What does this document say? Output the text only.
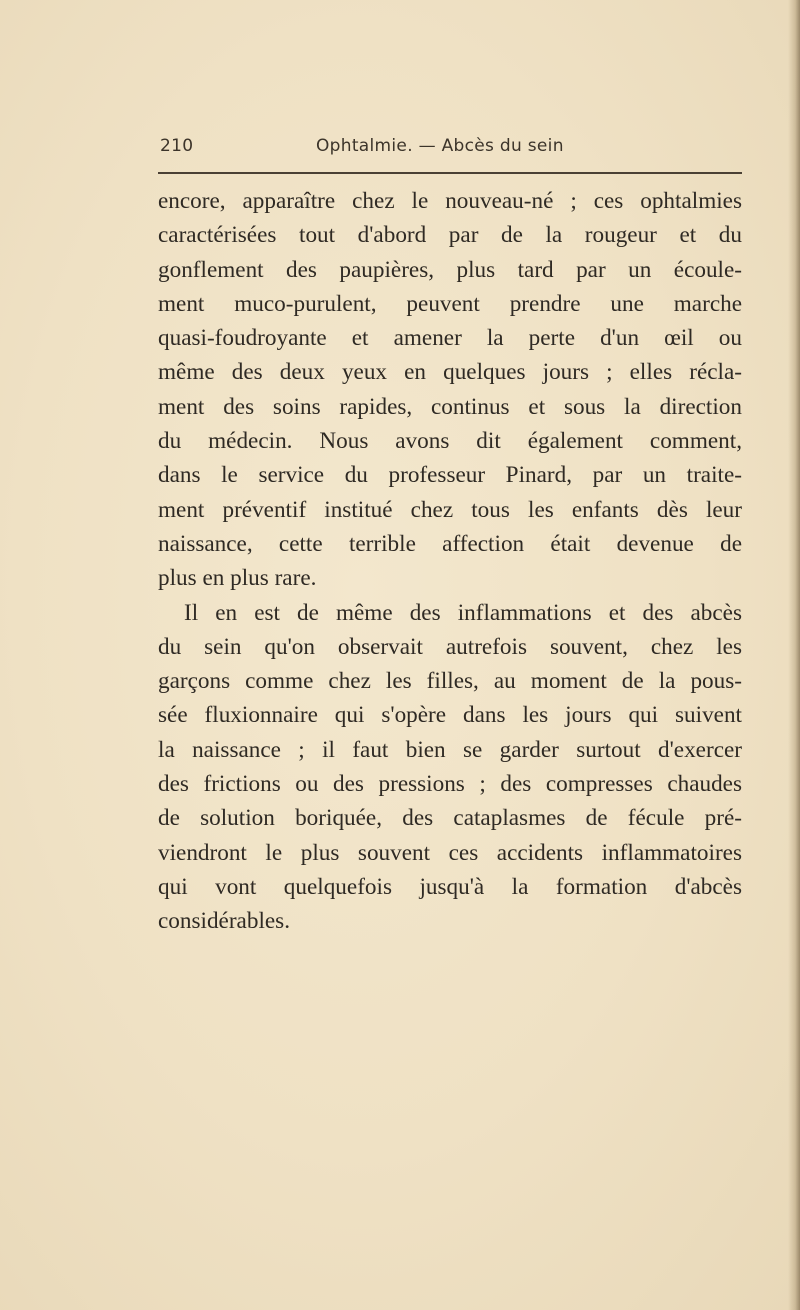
210	Ophtalmie. — Abcès du sein

encore, apparaître chez le nouveau-né ; ces ophtalmies
caractérisées tout d'abord par de la rougeur et du
gonflement des paupières, plus tard par un écoule-
ment muco-purulent, peuvent prendre une marche
quasi-foudroyante et amener la perte d'un œil ou
même des deux yeux en quelques jours ; elles récla-
ment des soins rapides, continus et sous la direction
du médecin. Nous avons dit également comment,
dans le service du professeur Pinard, par un traite-
ment préventif institué chez tous les enfants dès leur
naissance, cette terrible affection était devenue de
plus en plus rare.

Il en est de même des inflammations et des abcès
du sein qu'on observait autrefois souvent, chez les
garçons comme chez les filles, au moment de la pous-
sée fluxionnaire qui s'opère dans les jours qui suivent
la naissance ; il faut bien se garder surtout d'exercer
des frictions ou des pressions ; des compresses chaudes
de solution boriquée, des cataplasmes de fécule pré-
viendront le plus souvent ces accidents inflammatoires
qui vont quelquefois jusqu'à la formation d'abcès
considérables.
